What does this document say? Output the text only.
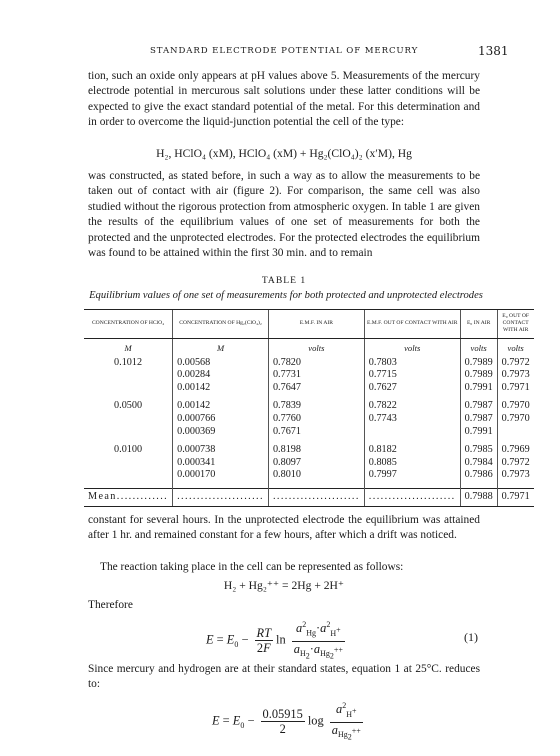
STANDARD ELECTRODE POTENTIAL OF MERCURY	1381

tion, such an oxide only appears at pH values above 5. Measurements of the mercury electrode potential in mercurous salt solutions under these latter conditions will be expected to give the exact standard potential of the metal. For this determination and in order to overcome the liquid-junction potential the cell of the type:

H₂, HClO₄ (xM), HClO₄ (xM) + Hg₂(ClO₄)₂ (x′M), Hg

was constructed, as stated before, in such a way as to allow the measurements to be taken out of contact with air (figure 2). For comparison, the same cell was also studied without the rigorous protection from atmospheric oxygen. In table 1 are given the results of the equilibrium values of one set of measurements for both the protected and the unprotected electrodes. For the protected electrodes the equilibrium was found to be attained within the first 30 min. and to remain

TABLE 1
Equilibrium values of one set of measurements for both protected and unprotected electrodes
CONCENTRATION OF HClO₄	CONCENTRATION OF Hg₂(ClO₄)₂	E.M.F. IN AIR	E.M.F. OUT OF CONTACT WITH AIR	E₀ IN AIR	E₀ OUT OF CONTACT WITH AIR
M	M	volts	volts	volts	volts
0.1012	0.00568	0.7820	0.7803	0.7989	0.7972
	0.00284	0.7731	0.7715	0.7989	0.7973
	0.00142	0.7647	0.7627	0.7991	0.7971

0.0500	0.00142	0.7839	0.7822	0.7987	0.7970
	0.000766	0.7760	0.7743	0.7987	0.7970
	0.000369	0.7671		0.7991	

0.0100	0.000738	0.8198	0.8182	0.7985	0.7969
	0.000341	0.8097	0.8085	0.7984	0.7972
	0.000170	0.8010	0.7997	0.7986	0.7973

Mean.............	......................	......................	......................	0.7988	0.7971

constant for several hours. In the unprotected electrode the equilibrium was attained after 1 hr. and remained constant for a few hours, after which a drift was noticed.

The reaction taking place in the cell can be represented as follows:

H₂ + Hg₂⁺⁺ = 2Hg + 2H⁺

Therefore

$E = E_0 - \frac{RT}{2F}$ $\ln \frac{a^2_{Hg}\cdot a^2_{H^+}}{a_{H_2}\cdot a_{Hg_2^{++}}}$	(1)

Since mercury and hydrogen are at their standard states, equation 1 at 25°C. reduces to:

$E = E_0 - \frac{0.05915}{2}$ $\log \frac{a^2_{H^+}}{a_{Hg_2^{++}}}$
